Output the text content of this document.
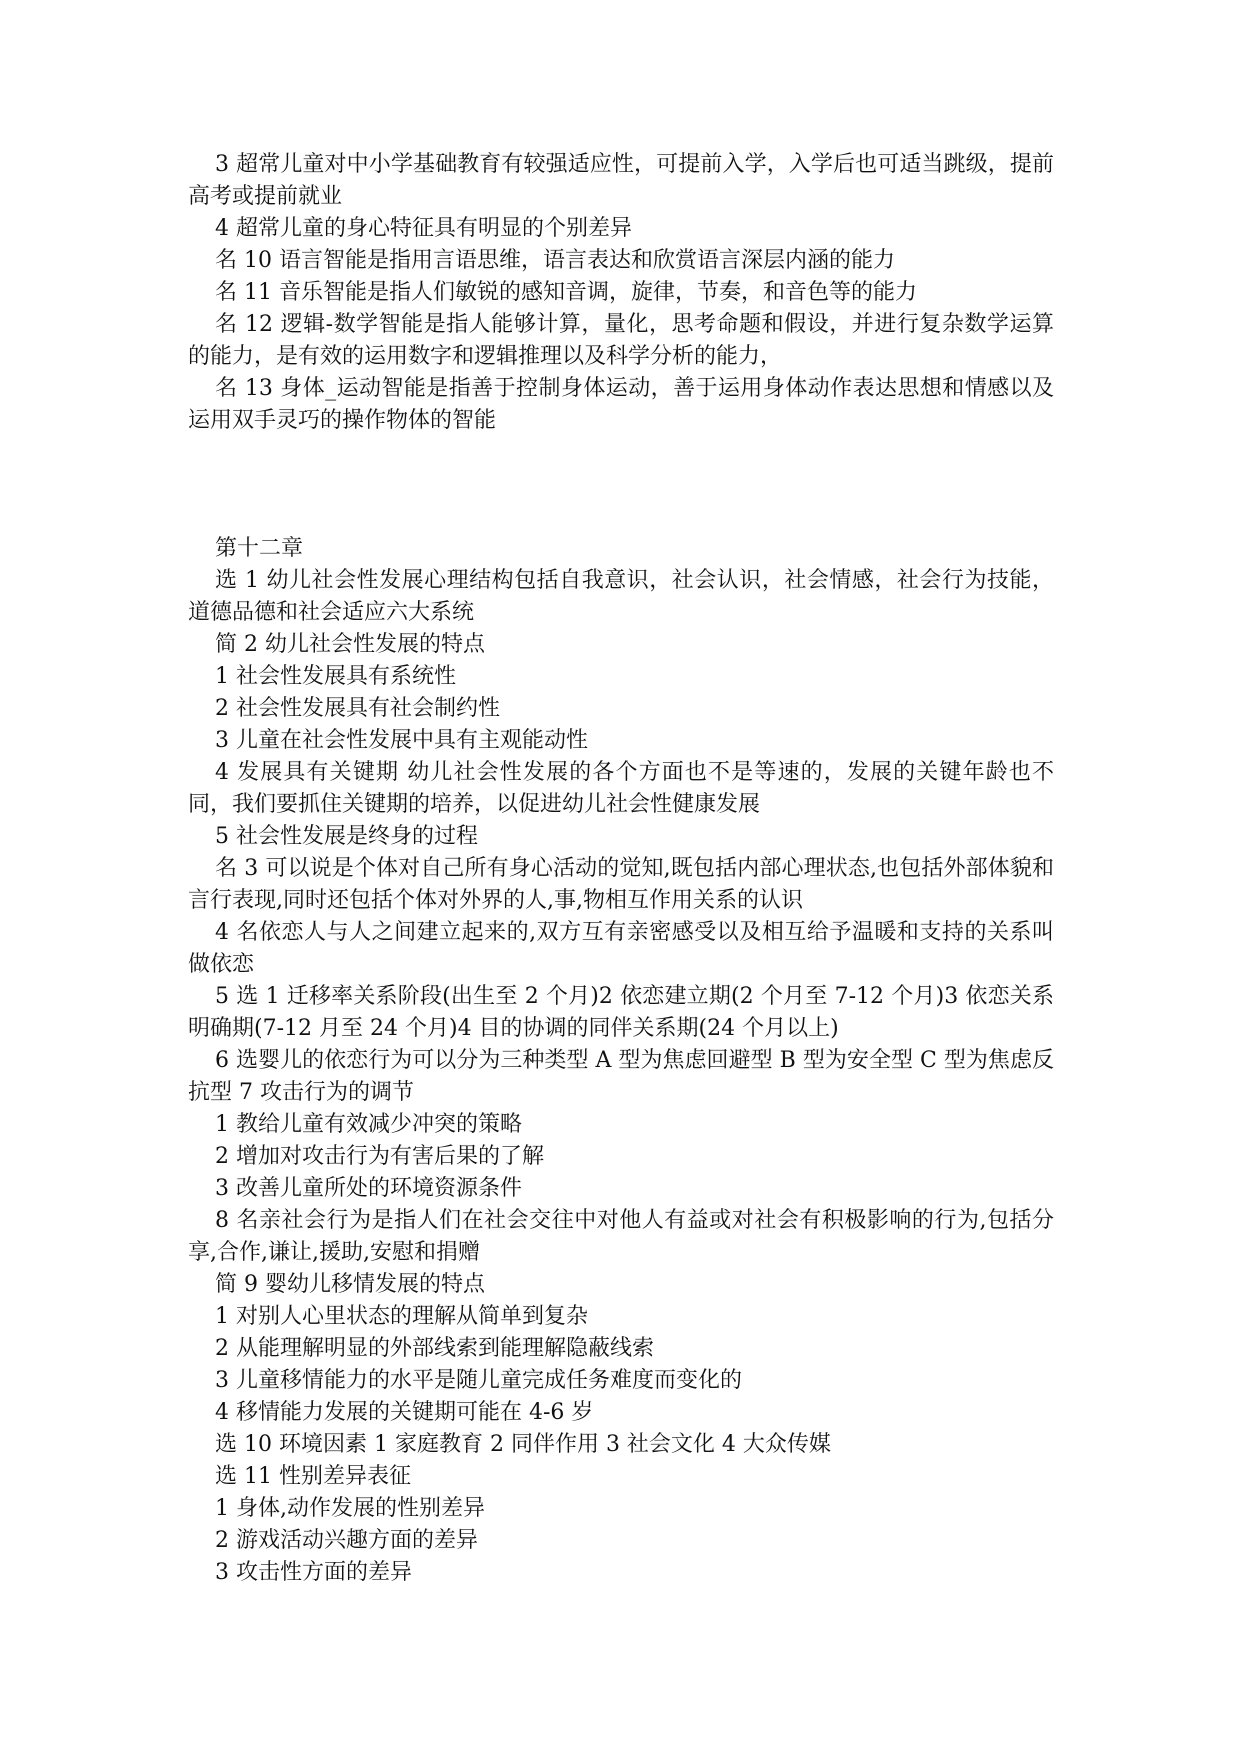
3 超常儿童对中小学基础教育有较强适应性，可提前入学，入学后也可适当跳级，提前高考或提前就业

4 超常儿童的身心特征具有明显的个别差异

名 10 语言智能是指用言语思维，语言表达和欣赏语言深层内涵的能力

名 11 音乐智能是指人们敏锐的感知音调，旋律，节奏，和音色等的能力

名 12 逻辑-数学智能是指人能够计算，量化，思考命题和假设，并进行复杂数学运算的能力，是有效的运用数字和逻辑推理以及科学分析的能力，

名 13 身体_运动智能是指善于控制身体运动，善于运用身体动作表达思想和情感以及运用双手灵巧的操作物体的智能

第十二章

选 1 幼儿社会性发展心理结构包括自我意识，社会认识，社会情感，社会行为技能，道德品德和社会适应六大系统

简 2 幼儿社会性发展的特点

1 社会性发展具有系统性

2 社会性发展具有社会制约性

3 儿童在社会性发展中具有主观能动性

4 发展具有关键期 幼儿社会性发展的各个方面也不是等速的，发展的关键年龄也不同，我们要抓住关键期的培养，以促进幼儿社会性健康发展

5 社会性发展是终身的过程

名 3 可以说是个体对自己所有身心活动的觉知,既包括内部心理状态,也包括外部体貌和言行表现,同时还包括个体对外界的人,事,物相互作用关系的认识

4 名依恋人与人之间建立起来的,双方互有亲密感受以及相互给予温暖和支持的关系叫做依恋

5 选 1 迁移率关系阶段(出生至 2 个月)2 依恋建立期(2 个月至 7-12 个月)3 依恋关系明确期(7-12 月至 24 个月)4 目的协调的同伴关系期(24 个月以上)

6 选婴儿的依恋行为可以分为三种类型 A 型为焦虑回避型 B 型为安全型 C 型为焦虑反抗型 7 攻击行为的调节

1 教给儿童有效减少冲突的策略

2 增加对攻击行为有害后果的了解

3 改善儿童所处的环境资源条件

8 名亲社会行为是指人们在社会交往中对他人有益或对社会有积极影响的行为,包括分享,合作,谦让,援助,安慰和捐赠

简 9 婴幼儿移情发展的特点

1 对别人心里状态的理解从简单到复杂

2 从能理解明显的外部线索到能理解隐蔽线索

3 儿童移情能力的水平是随儿童完成任务难度而变化的

4 移情能力发展的关键期可能在 4-6 岁

选 10 环境因素 1 家庭教育 2 同伴作用 3 社会文化 4 大众传媒

选 11 性别差异表征

1 身体,动作发展的性别差异

2 游戏活动兴趣方面的差异

3 攻击性方面的差异
